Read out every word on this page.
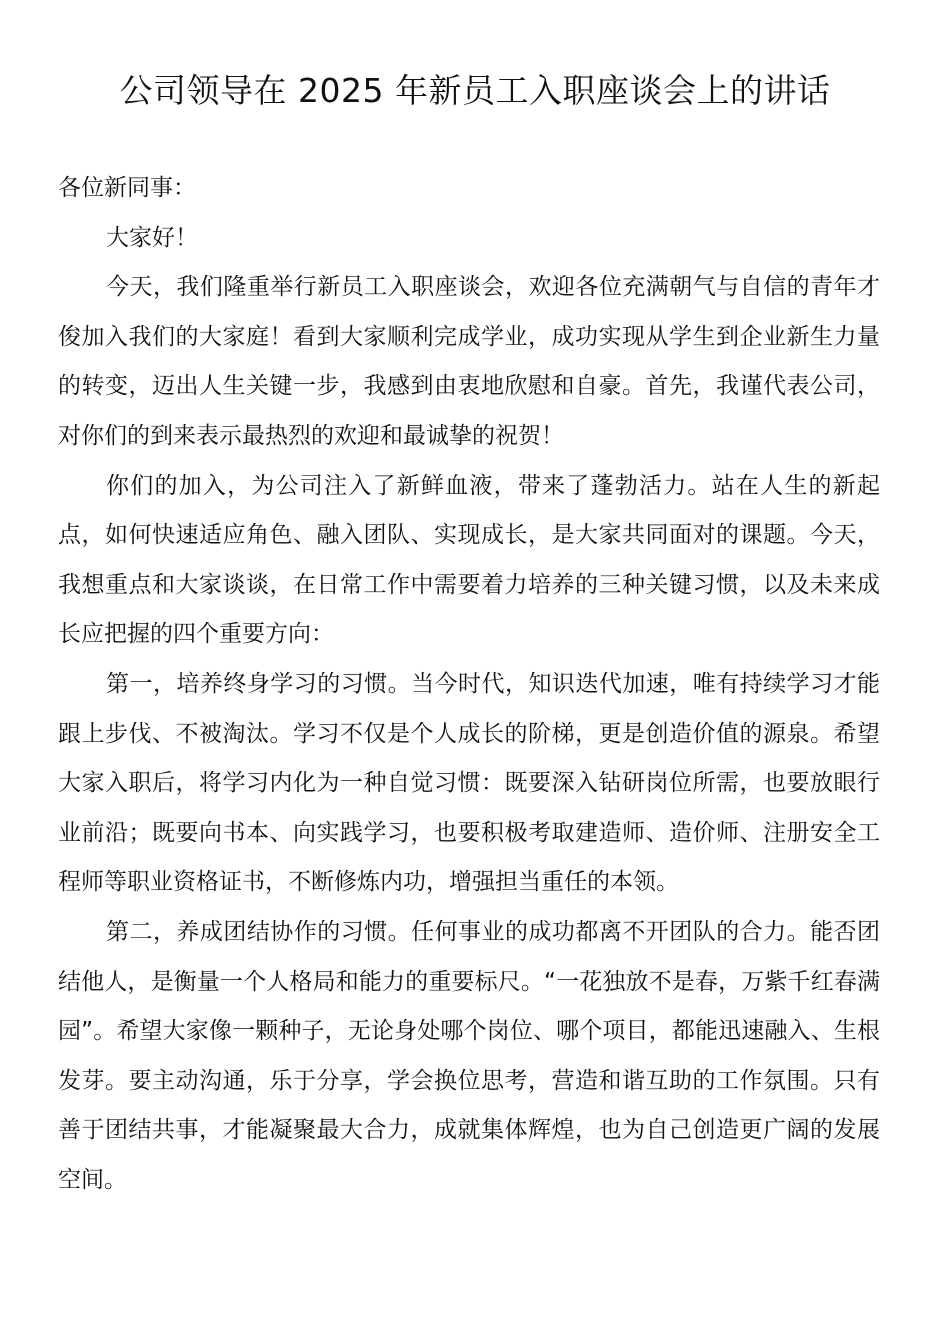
公司领导在 2025 年新员工入职座谈会上的讲话

各位新同事：

大家好！

今天，我们隆重举行新员工入职座谈会，欢迎各位充满朝气与自信的青年才俊加入我们的大家庭！看到大家顺利完成学业，成功实现从学生到企业新生力量的转变，迈出人生关键一步，我感到由衷地欣慰和自豪。首先，我谨代表公司，对你们的到来表示最热烈的欢迎和最诚挚的祝贺！

你们的加入，为公司注入了新鲜血液，带来了蓬勃活力。站在人生的新起点，如何快速适应角色、融入团队、实现成长，是大家共同面对的课题。今天，我想重点和大家谈谈，在日常工作中需要着力培养的三种关键习惯，以及未来成长应把握的四个重要方向：

第一，培养终身学习的习惯。当今时代，知识迭代加速，唯有持续学习才能跟上步伐、不被淘汰。学习不仅是个人成长的阶梯，更是创造价值的源泉。希望大家入职后，将学习内化为一种自觉习惯：既要深入钻研岗位所需，也要放眼行业前沿；既要向书本、向实践学习，也要积极考取建造师、造价师、注册安全工程师等职业资格证书，不断修炼内功，增强担当重任的本领。

第二，养成团结协作的习惯。任何事业的成功都离不开团队的合力。能否团结他人，是衡量一个人格局和能力的重要标尺。“一花独放不是春，万紫千红春满园”。希望大家像一颗种子，无论身处哪个岗位、哪个项目，都能迅速融入、生根发芽。要主动沟通，乐于分享，学会换位思考，营造和谐互助的工作氛围。只有善于团结共事，才能凝聚最大合力，成就集体辉煌，也为自己创造更广阔的发展空间。
